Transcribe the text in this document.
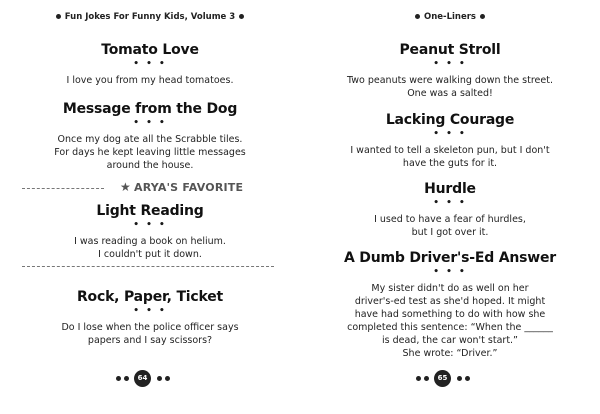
Fun Jokes For Funny Kids, Volume 3
Tomato Love
• • •
I love you from my head tomatoes.
Message from the Dog
• • •
Once my dog ate all the Scrabble tiles.
For days he kept leaving little messages
around the house.
★ ARYA'S FAVORITE
Light Reading
• • •
I was reading a book on helium.
I couldn't put it down.
Rock, Paper, Ticket
• • •
Do I lose when the police officer says
papers and I say scissors?
64
One-Liners
Peanut Stroll
• • •
Two peanuts were walking down the street.
One was a salted!
Lacking Courage
• • •
I wanted to tell a skeleton pun, but I don't
have the guts for it.
Hurdle
• • •
I used to have a fear of hurdles,
but I got over it.
A Dumb Driver's-Ed Answer
• • •
My sister didn't do as well on her
driver's-ed test as she'd hoped. It might
have had something to do with how she
completed this sentence: “When the ______
is dead, the car won't start.”
She wrote: “Driver.”
65
